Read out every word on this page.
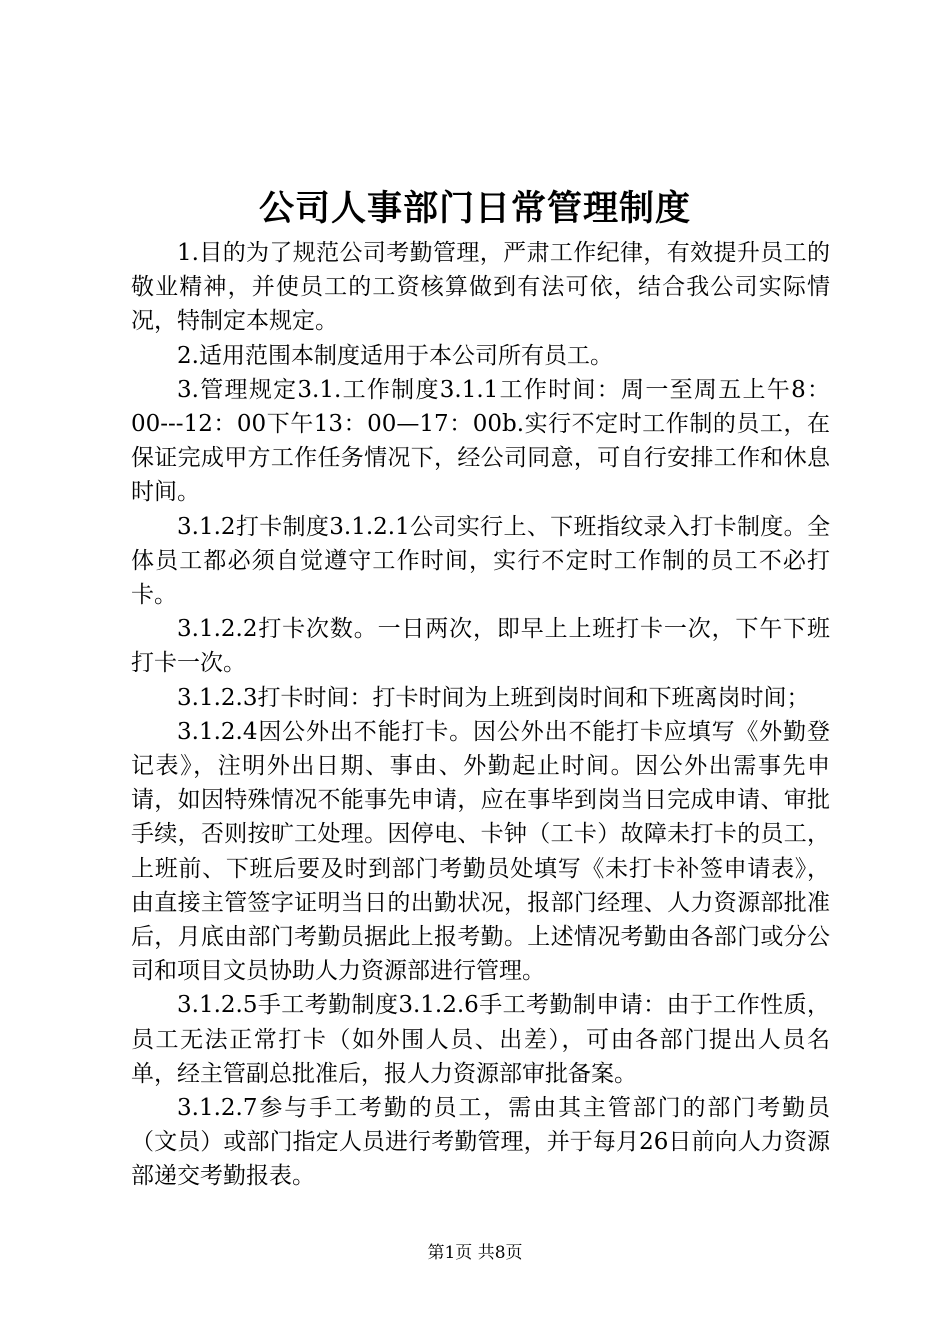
公司人事部门日常管理制度

1.目的为了规范公司考勤管理，严肃工作纪律，有效提升员工的敬业精神，并使员工的工资核算做到有法可依，结合我公司实际情况，特制定本规定。

2.适用范围本制度适用于本公司所有员工。

3.管理规定3.1.工作制度3.1.1工作时间：周一至周五上午8：00---12：00下午13：00—17：00b.实行不定时工作制的员工，在保证完成甲方工作任务情况下，经公司同意，可自行安排工作和休息时间。

3.1.2打卡制度3.1.2.1公司实行上、下班指纹录入打卡制度。全体员工都必须自觉遵守工作时间，实行不定时工作制的员工不必打卡。

3.1.2.2打卡次数。一日两次，即早上上班打卡一次，下午下班打卡一次。

3.1.2.3打卡时间：打卡时间为上班到岗时间和下班离岗时间；

3.1.2.4因公外出不能打卡。因公外出不能打卡应填写《外勤登记表》，注明外出日期、事由、外勤起止时间。因公外出需事先申请，如因特殊情况不能事先申请，应在事毕到岗当日完成申请、审批手续，否则按旷工处理。因停电、卡钟（工卡）故障未打卡的员工，上班前、下班后要及时到部门考勤员处填写《未打卡补签申请表》，由直接主管签字证明当日的出勤状况，报部门经理、人力资源部批准后，月底由部门考勤员据此上报考勤。上述情况考勤由各部门或分公司和项目文员协助人力资源部进行管理。

3.1.2.5手工考勤制度3.1.2.6手工考勤制申请：由于工作性质，员工无法正常打卡（如外围人员、出差），可由各部门提出人员名单，经主管副总批准后，报人力资源部审批备案。

3.1.2.7参与手工考勤的员工，需由其主管部门的部门考勤员（文员）或部门指定人员进行考勤管理，并于每月26日前向人力资源部递交考勤报表。

第1页 共8页
